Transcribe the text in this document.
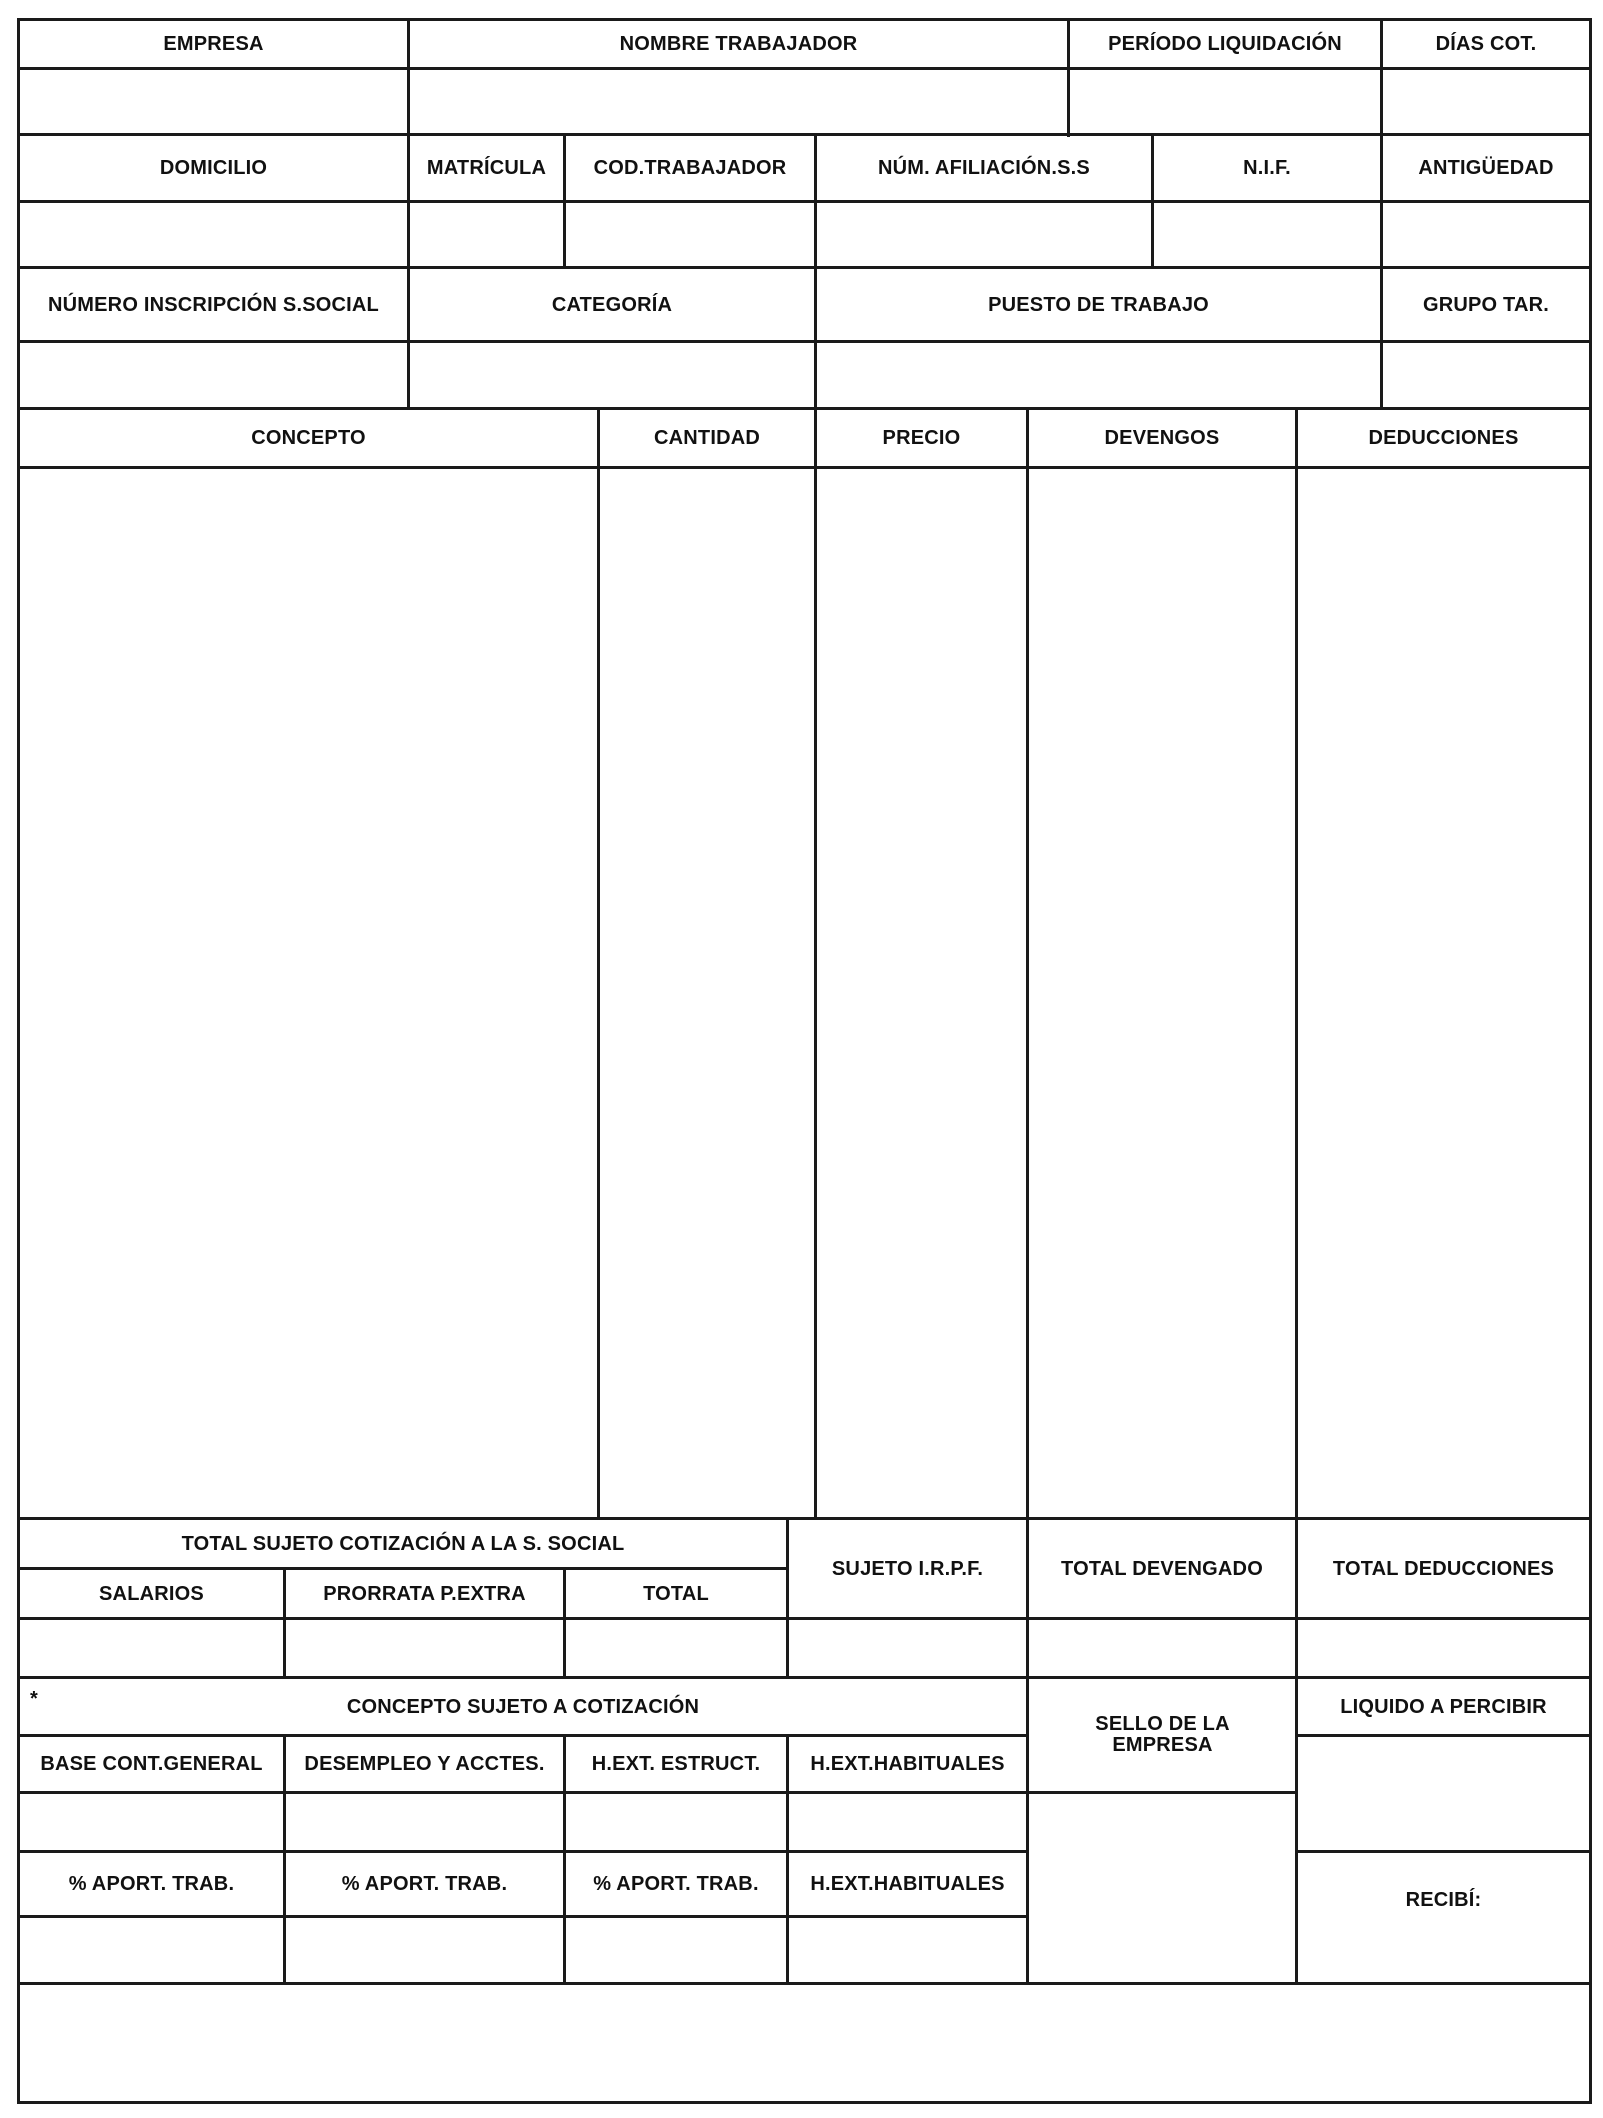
EMPRESA	NOMBRE TRABAJADOR	PERÍODO LIQUIDACIÓN	DÍAS COT.
DOMICILIO	MATRÍCULA	COD.TRABAJADOR	NÚM. AFILIACIÓN.S.S	N.I.F.	ANTIGÜEDAD
NÚMERO INSCRIPCIÓN S.SOCIAL	CATEGORÍA	PUESTO DE TRABAJO	GRUPO TAR.
CONCEPTO	CANTIDAD	PRECIO	DEVENGOS	DEDUCCIONES
TOTAL SUJETO COTIZACIÓN A LA S. SOCIAL
SALARIOS	PRORRATA P.EXTRA	TOTAL
SUJETO I.R.P.F.	TOTAL DEVENGADO	TOTAL DEDUCCIONES
*	CONCEPTO SUJETO A COTIZACIÓN
BASE CONT.GENERAL	DESEMPLEO Y ACCTES.	H.EXT. ESTRUCT.	H.EXT.HABITUALES
% APORT. TRAB.	% APORT. TRAB.	% APORT. TRAB.	H.EXT.HABITUALES
SELLO DE LA EMPRESA
LIQUIDO A PERCIBIR
RECIBÍ:
